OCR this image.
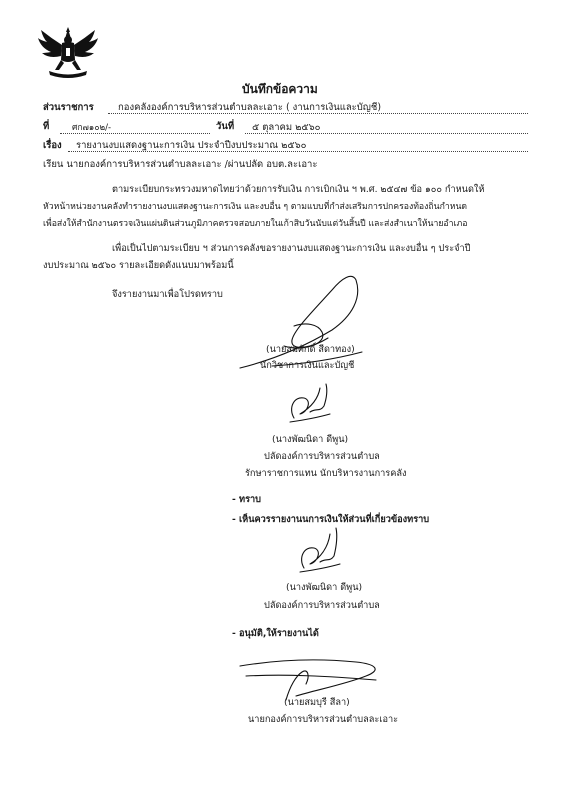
บันทึกข้อความ
ส่วนราชการ	กองคลังองค์การบริหารส่วนตำบลละเอาะ ( งานการเงินและบัญชี)
ที่	ศก๗๑๐๒/-	วันที่ ๕ ตุลาคม ๒๕๖๐
เรื่อง รายงานงบแสดงฐานะการเงิน ประจำปีงบประมาณ ๒๕๖๐
เรียน นายกองค์การบริหารส่วนตำบลละเอาะ /ผ่านปลัด อบต.ละเอาะ
ตามระเบียบกระทรวงมหาดไทยว่าด้วยการรับเงิน การเบิกเงิน ฯ พ.ศ. ๒๕๔๗ ข้อ ๑๐๐ กำหนดให้
หัวหน้าหน่วยงานคลังทำรายงานงบแสดงฐานะการเงิน และงบอื่น ๆ ตามแบบที่กำส่งเสริมการปกครองท้องถิ่นกำหนด
เพื่อส่งให้สำนักงานตรวจเงินแผ่นดินส่วนภูมิภาคตรวจสอบภายในเก้าสิบวันนับแต่วันสิ้นปี และส่งสำเนาให้นายอำเภอ
เพื่อเป็นไปตามระเบียบ ฯ ส่วนการคลังขอรายงานงบแสดงฐานะการเงิน และงบอื่น ๆ ประจำปี
งบประมาณ ๒๕๖๐ รายละเอียดดังแนบมาพร้อมนี้
จึงรายงานมาเพื่อโปรดทราบ
(นายสมศักดิ์ สีดาทอง)
นักวิชาการเงินและบัญชี
(นางพัฒนิดา ดีพูน)
ปลัดองค์การบริหารส่วนตำบล
รักษาราชการแทน นักบริหารงานการคลัง
- ทราบ
- เห็นควรรายงานนการเงินให้ส่วนที่เกี่ยวข้องทราบ
(นางพัฒนิดา ดีพูน)
ปลัดองค์การบริหารส่วนตำบล
- อนุมัติ,ให้รายงานได้
(นายสมบุรี สีลา)
นายกองค์การบริหารส่วนตำบลละเอาะ
